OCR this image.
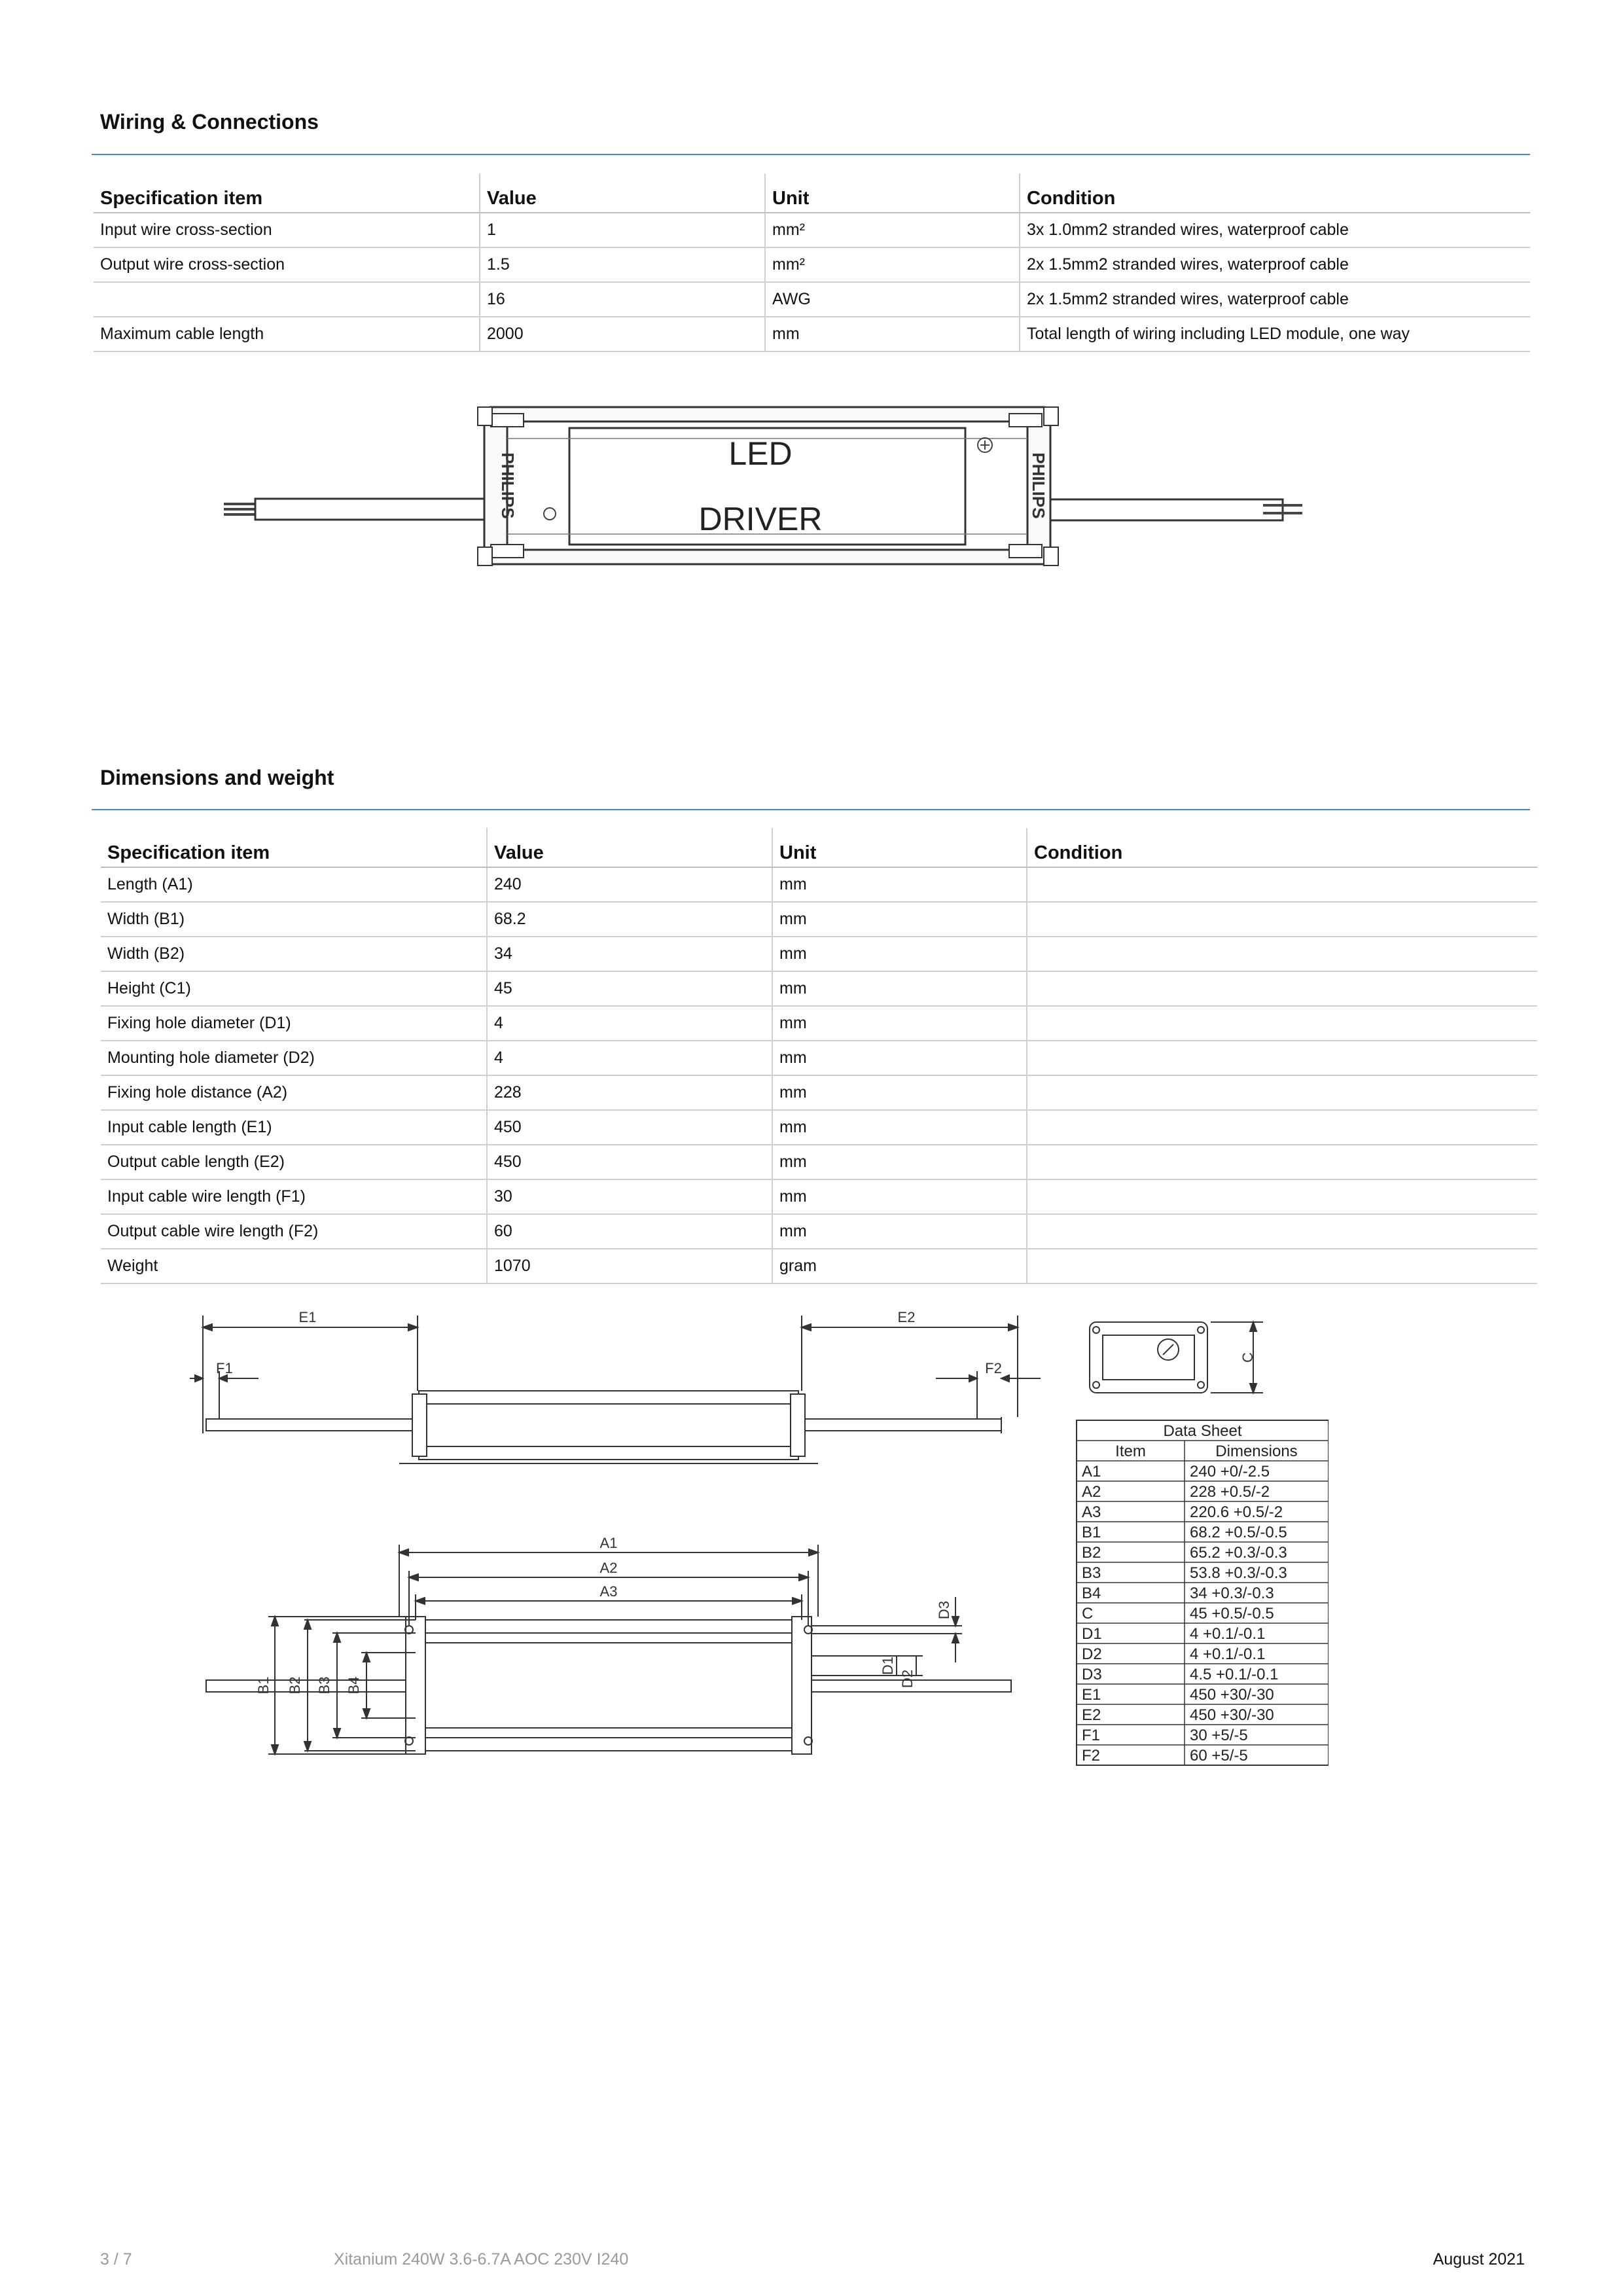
Wiring & Connections
Specification item	Value	Unit	Condition
Input wire cross-section	1	mm²	3x 1.0mm2 stranded wires, waterproof cable
Output wire cross-section	1.5	mm²	2x 1.5mm2 stranded wires, waterproof cable
	16	AWG	2x 1.5mm2 stranded wires, waterproof cable
Maximum cable length	2000	mm	Total length of wiring including LED module, one way
PHILIPS	PHILIPS
LED
DRIVER
Dimensions and weight
Specification item	Value	Unit	Condition
Length (A1)	240	mm	
Width (B1)	68.2	mm	
Width (B2)	34	mm	
Height (C1)	45	mm	
Fixing hole diameter (D1)	4	mm	
Mounting hole diameter (D2)	4	mm	
Fixing hole distance (A2)	228	mm	
Input cable length (E1)	450	mm	
Output cable length (E2)	450	mm	
Input cable wire length (F1)	30	mm	
Output cable wire length (F2)	60	mm	
Weight	1070	gram	
E1	E2
F1	F2
C
A1
A2
A3
B1 B2 B3 B4
D1
D2
D3
Data Sheet
Item	Dimensions
A1	240 +0/-2.5
A2	228 +0.5/-2
A3	220.6 +0.5/-2
B1	68.2 +0.5/-0.5
B2	65.2 +0.3/-0.3
B3	53.8 +0.3/-0.3
B4	34 +0.3/-0.3
C	45 +0.5/-0.5
D1	4 +0.1/-0.1
D2	4 +0.1/-0.1
D3	4.5 +0.1/-0.1
E1	450 +30/-30
E2	450 +30/-30
F1	30 +5/-5
F2	60 +5/-5
3 / 7	Xitanium 240W 3.6-6.7A AOC 230V I240	August 2021
